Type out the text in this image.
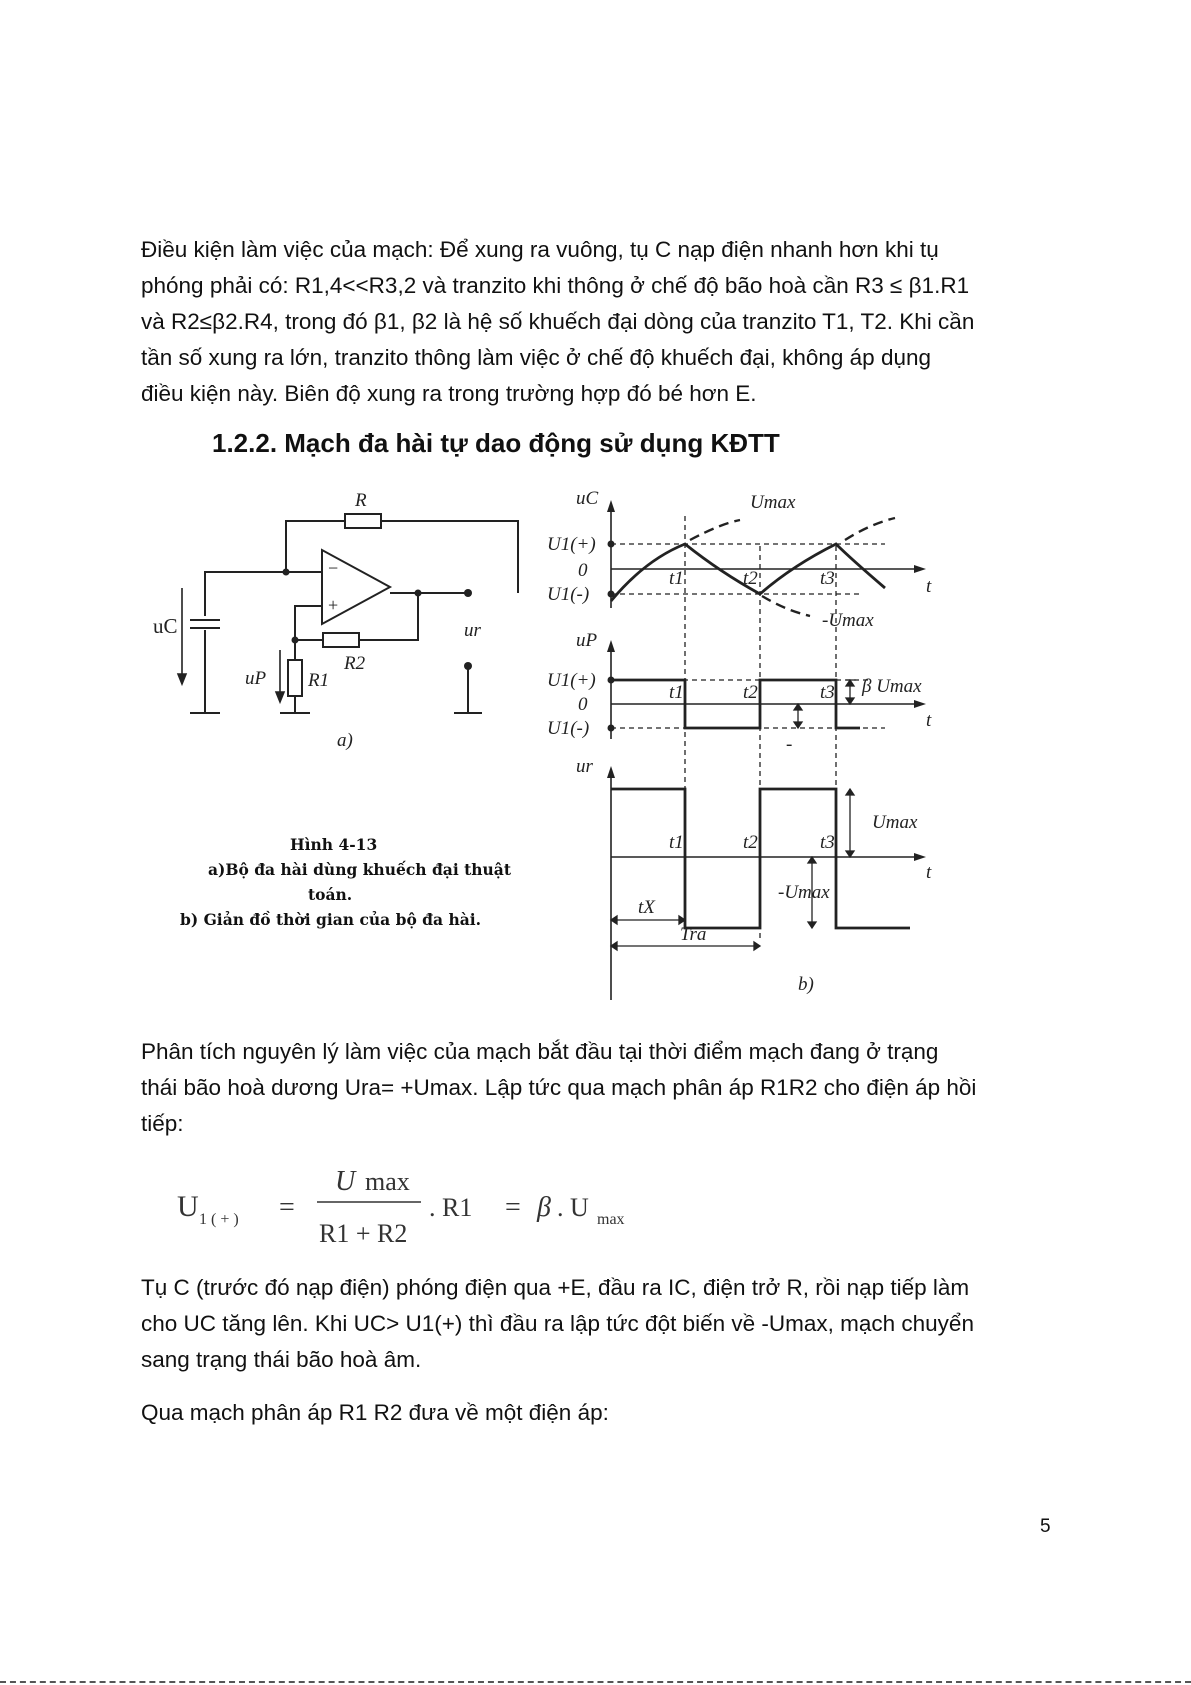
Điều kiện làm việc của mạch: Để xung ra vuông, tụ C nạp điện nhanh hơn khi tụ
phóng phải có: R1,4<<R3,2 và tranzito khi thông ở chế độ bão hoà cần R3 ≤ β1.R1
và R2≤β2.R4, trong đó β1, β2 là hệ số khuếch đại dòng của tranzito T1, T2. Khi cần
tần số xung ra lớn, tranzito thông làm việc ở chế độ khuếch đại, không áp dụng
điều kiện này. Biên độ xung ra trong trường hợp đó bé hơn E.
1.2.2. Mạch đa hài tự dao động sử dụng KĐTT
R
R2
R1
uP
ur
a)
uC
−
+
uC	Umax
U1(+)
0
U1(-)	t
t1	t2	t3
-Umax
uP
U1(+)
0
U1(-)
t1	t2	t3 β Umax
t
-
ur
t1	t2	t3
Umax
t
-Umax
tX
Tra
b)
Hình 4-13
a)Bộ đa hài dùng khuếch đại thuật
toán.
b) Giản đồ thời gian của bộ đa hài.
Phân tích nguyên lý làm việc của mạch bắt đầu tại thời điểm mạch đang ở trạng
thái bão hoà dương Ura= +Umax. Lập tức qua mạch phân áp R1R2 cho điện áp hồi
tiếp:
U 1 ( + ) =
U max
R1 + R2
. R1 = β . U max
Tụ C (trước đó nạp điện) phóng điện qua +E, đầu ra IC, điện trở R, rồi nạp tiếp làm
cho UC tăng lên. Khi UC> U1(+) thì đầu ra lập tức đột biến về -Umax, mạch chuyển
sang trạng thái bão hoà âm.
Qua mạch phân áp R1 R2 đưa về một điện áp:
5
